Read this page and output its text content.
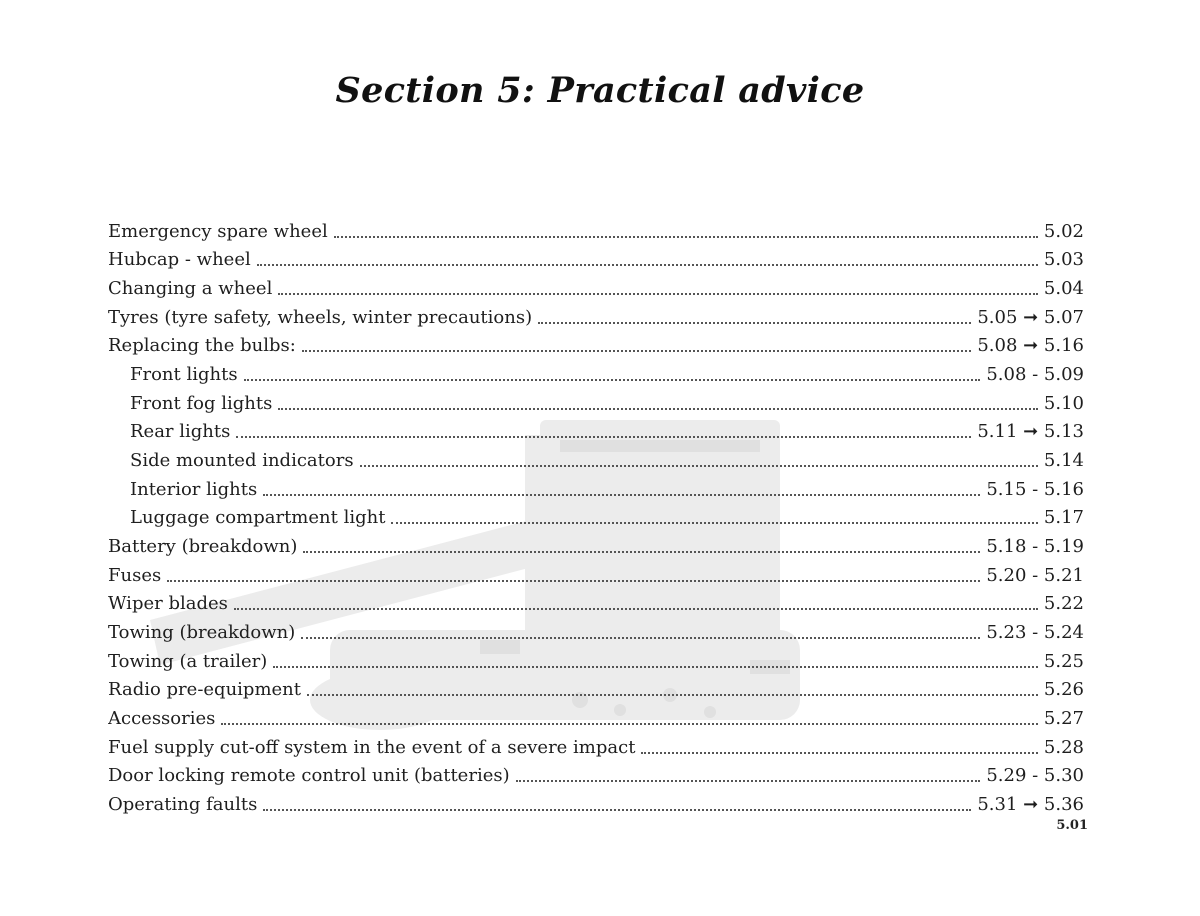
Section 5: Practical advice
Emergency spare wheel	5.02
Hubcap - wheel	5.03
Changing a wheel	5.04
Tyres (tyre safety, wheels, winter precautions)	5.05 ➞ 5.07
Replacing the bulbs:	5.08 ➞ 5.16
Front lights	5.08 - 5.09
Front fog lights	5.10
Rear lights	5.11 ➞ 5.13
Side mounted indicators	5.14
Interior lights	5.15 - 5.16
Luggage compartment light	5.17
Battery (breakdown)	5.18 - 5.19
Fuses	5.20 - 5.21
Wiper blades	5.22
Towing (breakdown)	5.23 - 5.24
Towing (a trailer)	5.25
Radio pre-equipment	5.26
Accessories	5.27
Fuel supply cut-off system in the event of a severe impact	5.28
Door locking remote control unit (batteries)	5.29 - 5.30
Operating faults	5.31 ➞ 5.36
5.01
